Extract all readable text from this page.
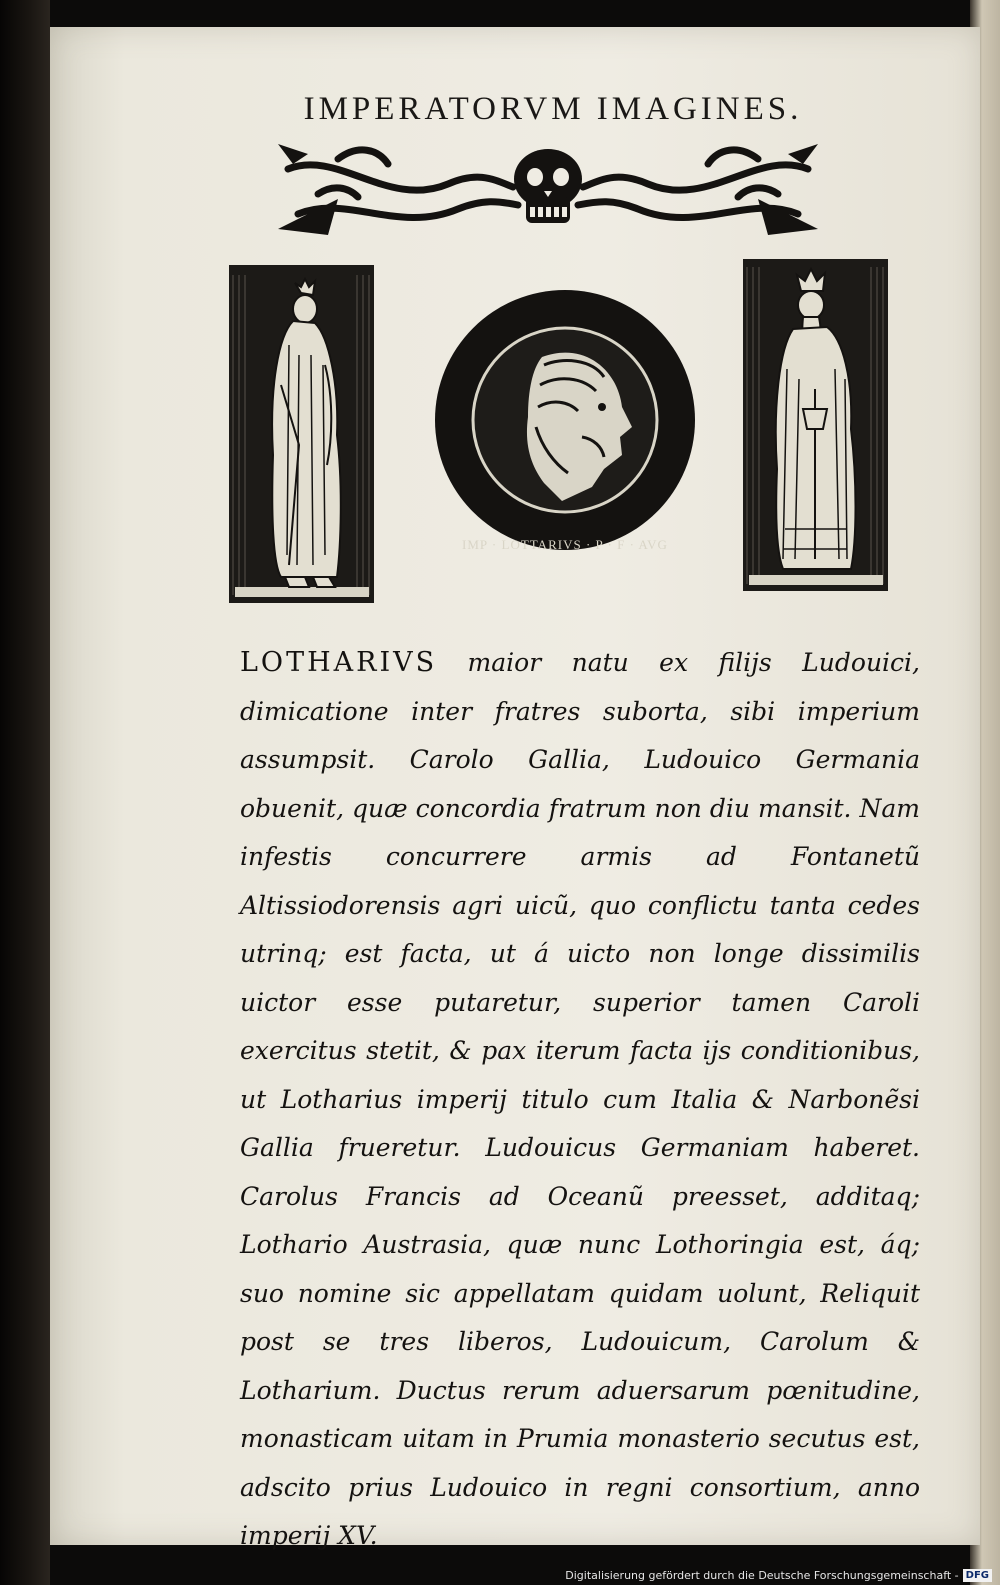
IMPERATORVM IMAGINES.
IMP · LOTTARIVS · P · F · AVG

LOTHARIVS maior natu ex filijs Ludouici, dimicatione inter fratres suborta, sibi imperium assumpsit. Carolo Gallia, Ludouico Germania obuenit, quæ concordia fratrum non diu mansit. Nam infestis concurrere armis ad Fontanetũ Altissiodorensis agri uicũ, quo conflictu tanta cedes utrinq; est facta, ut á uicto non longe dissimilis uictor esse putaretur, superior tamen Caroli exercitus stetit, & pax iterum facta ijs conditionibus, ut Lotharius imperij titulo cum Italia & Narbonẽsi Gallia frueretur. Ludouicus Germaniam haberet. Carolus Francis ad Oceanũ preesset, additaq; Lothario Austrasia, quæ nunc Lothoringia est, áq; suo nomine sic appellatam quidam uolunt, Reliquit post se tres liberos, Ludouicum, Carolum & Lotharium. Ductus rerum aduersarum pœnitudine, monasticam uitam in Prumia monasterio secutus est, adscito prius Ludouico in regni consortium, anno imperij XV.

Digitalisierung gefördert durch die Deutsche Forschungsgemeinschaft - DFG
